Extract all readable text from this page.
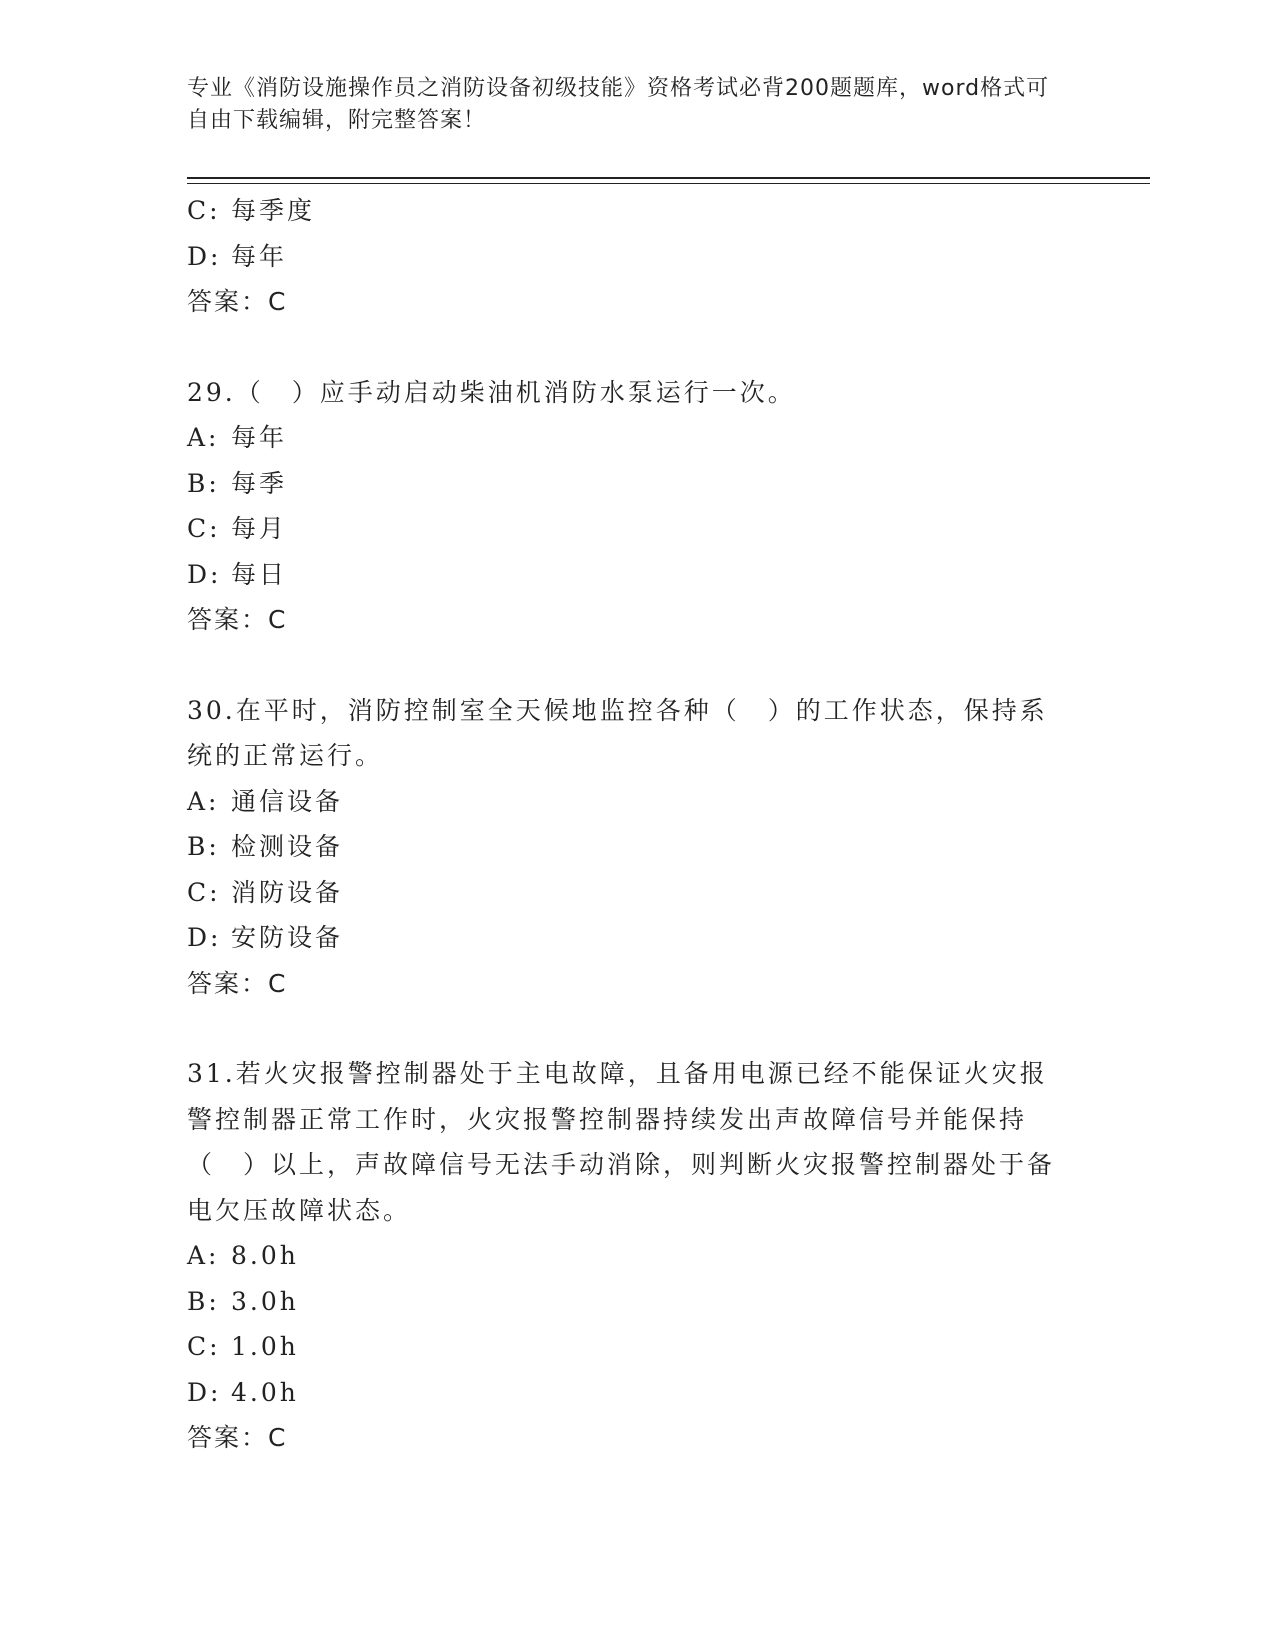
专业《消防设施操作员之消防设备初级技能》资格考试必背200题题库，word格式可自由下载编辑，附完整答案！
C: 每季度
D: 每年
答案：C
29.（　）应手动启动柴油机消防水泵运行一次。
A: 每年
B: 每季
C: 每月
D: 每日
答案：C
30.在平时，消防控制室全天候地监控各种（　）的工作状态，保持系统的正常运行。
A: 通信设备
B: 检测设备
C: 消防设备
D: 安防设备
答案：C
31.若火灾报警控制器处于主电故障，且备用电源已经不能保证火灾报警控制器正常工作时，火灾报警控制器持续发出声故障信号并能保持（　）以上，声故障信号无法手动消除，则判断火灾报警控制器处于备电欠压故障状态。
A: 8.0h
B: 3.0h
C: 1.0h
D: 4.0h
答案：C
